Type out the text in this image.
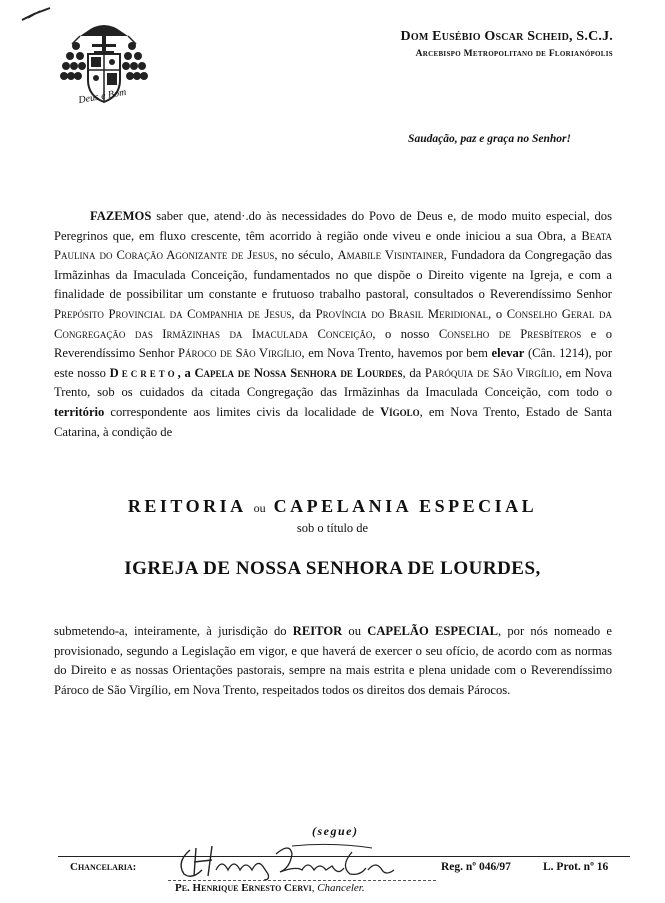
Deus é Bom
Dom Eusébio Oscar Scheid, S.C.J.
Arcebispo Metropolitano de Florianópolis
Saudação, paz e graça no Senhor!
FAZEMOS saber que, atend·.do às necessidades do Povo de Deus e, de modo muito especial, dos Peregrinos que, em fluxo crescente, têm acorrido à região onde viveu e onde iniciou a sua Obra, a Beata Paulina do Coração Agonizante de Jesus, no século, Amabile Visintainer, Fundadora da Congregação das Irmãzinhas da Imaculada Conceição, fundamentados no que dispõe o Direito vigente na Igreja, e com a finalidade de possibilitar um constante e frutuoso trabalho pastoral, consultados o Reverendíssimo Senhor Prepósito Provincial da Companhia de Jesus, da Província do Brasil Meridional, o Conselho Geral da Congregação das Irmãzinhas da Imaculada Conceição, o nosso Conselho de Presbíteros e o Reverendíssimo Senhor Pároco de São Virgílio, em Nova Trento, havemos por bem elevar (Cân. 1214), por este nosso Decreto, a Capela de Nossa Senhora de Lourdes, da Paróquia de São Virgílio, em Nova Trento, sob os cuidados da citada Congregação das Irmãzinhas da Imaculada Conceição, com todo o território correspondente aos limites civis da localidade de Vígolo, em Nova Trento, Estado de Santa Catarina, à condição de
REITORIA ou CAPELANIA ESPECIAL
sob o título de
IGREJA DE NOSSA SENHORA DE LOURDES,
submetendo-a, inteiramente, à jurisdição do REITOR ou CAPELÃO ESPECIAL, por nós nomeado e provisionado, segundo a Legislação em vigor, e que haverá de exercer o seu ofício, de acordo com as normas do Direito e as nossas Orientações pastorais, sempre na mais estrita e plena unidade com o Reverendíssimo Pároco de São Virgílio, em Nova Trento, respeitados todos os direitos dos demais Párocos.
(segue)
Chancelaria:	Reg. nº 046/97	L. Prot. nº 16
Pe. Henrique Ernesto Cervi, Chanceler.
